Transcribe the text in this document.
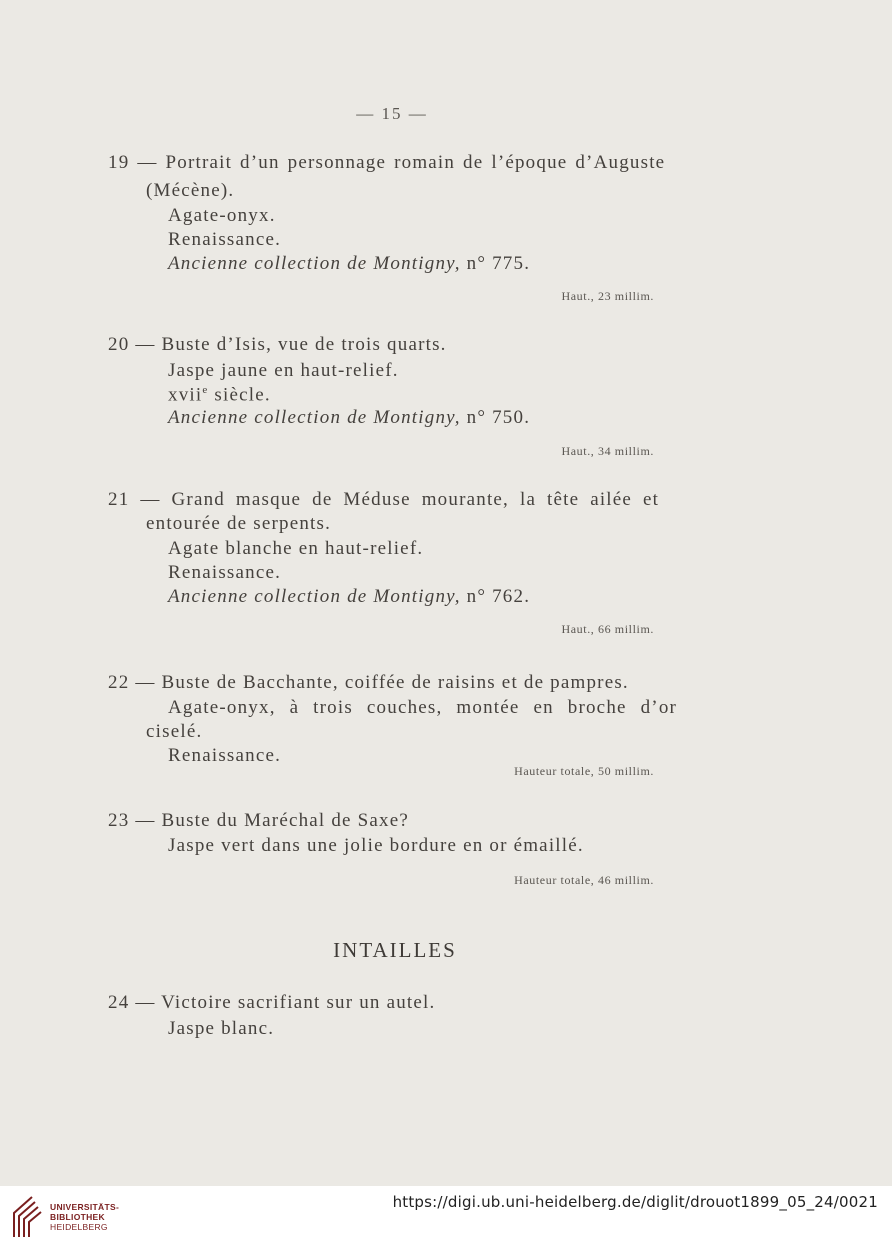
— 15 —
19 — Portrait d’un personnage romain de l’époque d’Auguste
(Mécène).
Agate-onyx.
Renaissance.
Ancienne collection de Montigny, n° 775.
Haut., 23 millim.
20 — Buste d’Isis, vue de trois quarts.
Jaspe jaune en haut-relief.
xvii$^e$ siècle.
Ancienne collection de Montigny, n° 750.
Haut., 34 millim.
21 — Grand masque de Méduse mourante, la tête ailée et
entourée de serpents.
Agate blanche en haut-relief.
Renaissance.
Ancienne collection de Montigny, n° 762.
Haut., 66 millim.
22 — Buste de Bacchante, coiffée de raisins et de pampres.
Agate-onyx, à trois couches, montée en broche d’or
ciselé.
Renaissance.
Hauteur totale, 50 millim.
23 — Buste du Maréchal de Saxe?
Jaspe vert dans une jolie bordure en or émaillé.
Hauteur totale, 46 millim.
INTAILLES
24 — Victoire sacrifiant sur un autel.
Jaspe blanc.
UNIVERSITÄTS-
BIBLIOTHEK
HEIDELBERG
https://digi.ub.uni-heidelberg.de/diglit/drouot1899_05_24/0021
